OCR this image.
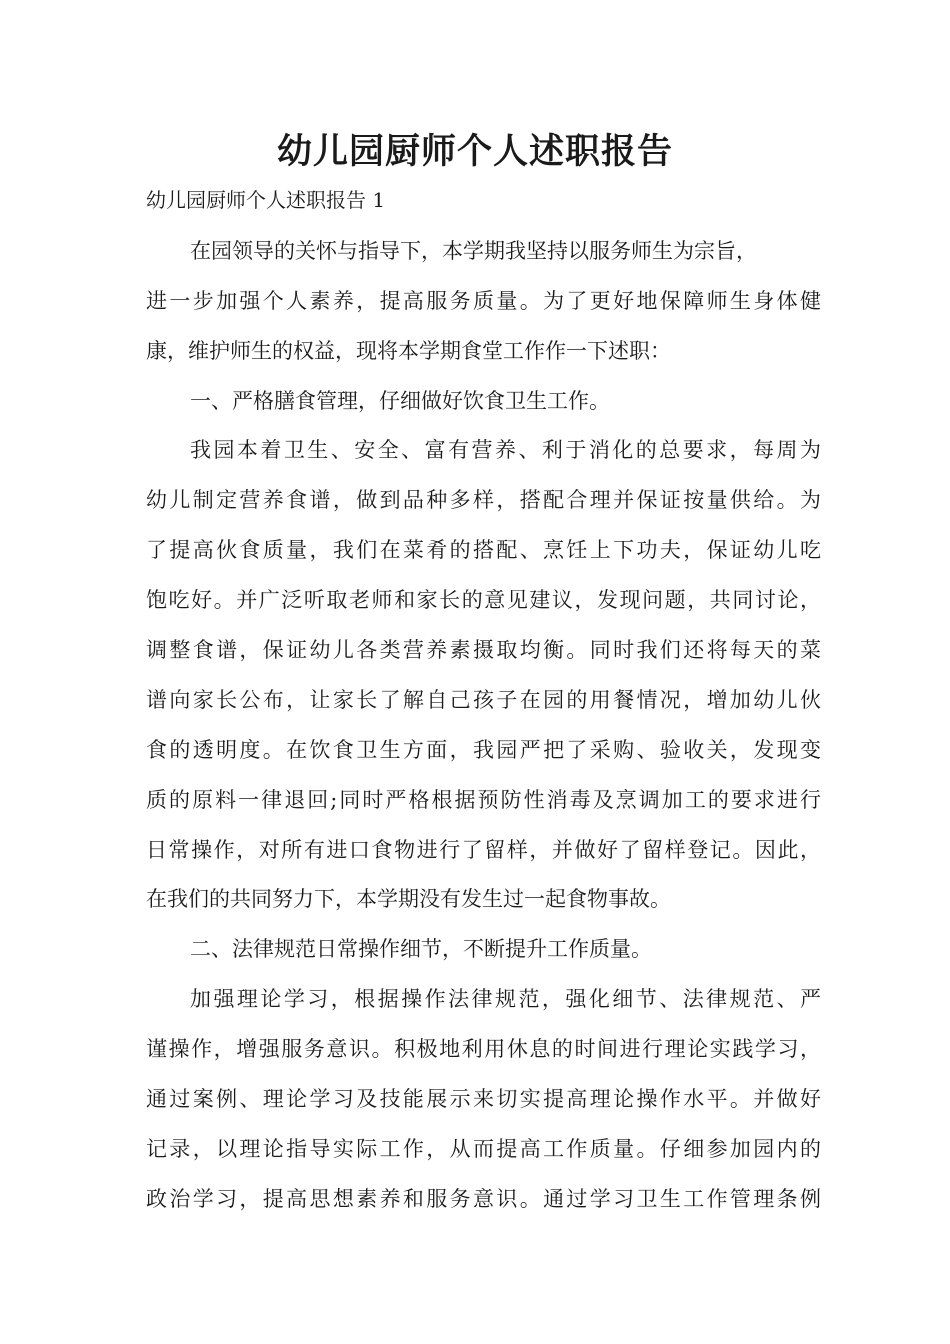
幼儿园厨师个人述职报告

幼儿园厨师个人述职报告 1

在园领导的关怀与指导下，本学期我坚持以服务师生为宗旨，

进一步加强个人素养，提高服务质量。为了更好地保障师生身体健

康，维护师生的权益，现将本学期食堂工作作一下述职：

一、严格膳食管理，仔细做好饮食卫生工作。

我园本着卫生、安全、富有营养、利于消化的总要求，每周为

幼儿制定营养食谱，做到品种多样，搭配合理并保证按量供给。为

了提高伙食质量，我们在菜肴的搭配、烹饪上下功夫，保证幼儿吃

饱吃好。并广泛听取老师和家长的意见建议，发现问题，共同讨论，

调整食谱，保证幼儿各类营养素摄取均衡。同时我们还将每天的菜

谱向家长公布，让家长了解自己孩子在园的用餐情况，增加幼儿伙

食的透明度。在饮食卫生方面，我园严把了采购、验收关，发现变

质的原料一律退回;同时严格根据预防性消毒及烹调加工的要求进行

日常操作，对所有进口食物进行了留样，并做好了留样登记。因此，

在我们的共同努力下，本学期没有发生过一起食物事故。

二、法律规范日常操作细节，不断提升工作质量。

加强理论学习，根据操作法律规范，强化细节、法律规范、严

谨操作，增强服务意识。积极地利用休息的时间进行理论实践学习，

通过案例、理论学习及技能展示来切实提高理论操作水平。并做好

记录，以理论指导实际工作，从而提高工作质量。仔细参加园内的

政治学习，提高思想素养和服务意识。通过学习卫生工作管理条例
